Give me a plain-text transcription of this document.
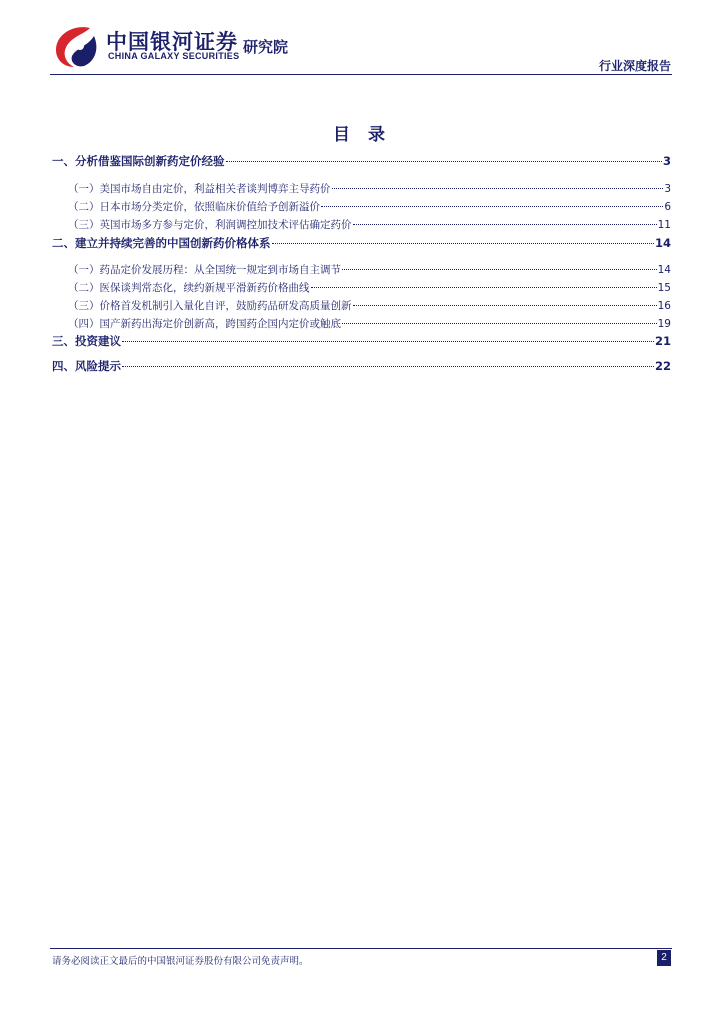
中国银河证券
CHINA GALAXY SECURITIES 研究院
行业深度报告
目 录
一、分析借鉴国际创新药定价经验	3
（一）美国市场自由定价，利益相关者谈判博弈主导药价	3
（二）日本市场分类定价，依照临床价值给予创新溢价	6
（三）英国市场多方参与定价，利润调控加技术评估确定药价	11
二、建立并持续完善的中国创新药价格体系	14
（一）药品定价发展历程：从全国统一规定到市场自主调节	14
（二）医保谈判常态化，续约新规平滑新药价格曲线	15
（三）价格首发机制引入量化自评，鼓励药品研发高质量创新	16
（四）国产新药出海定价创新高，跨国药企国内定价或触底	19
三、投资建议	21
四、风险提示	22
请务必阅读正文最后的中国银河证券股份有限公司免责声明。	2
